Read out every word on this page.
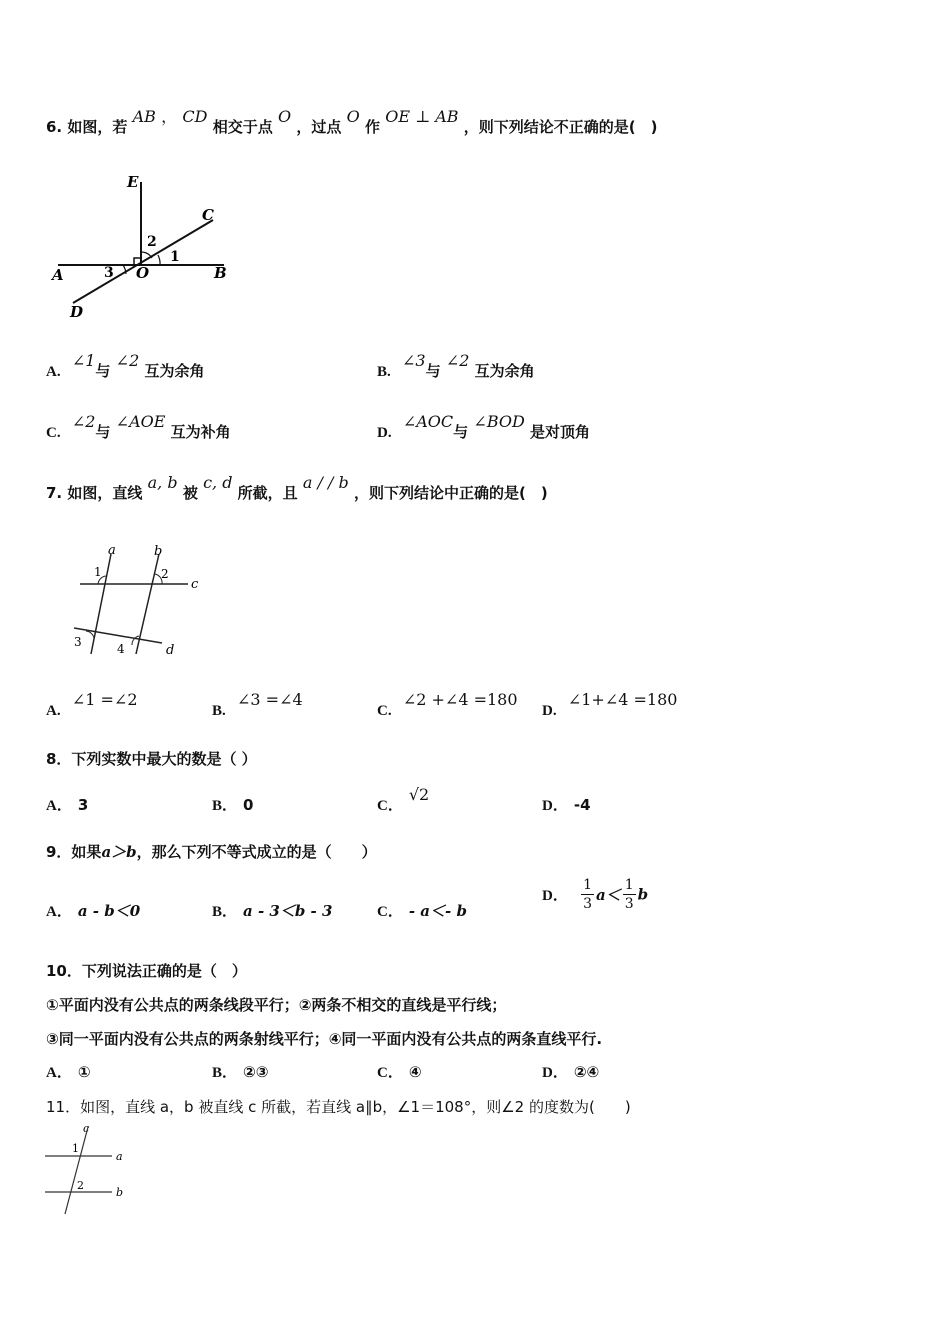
6. 如图，若 AB ， CD 相交于点 O ，过点 O 作 OE ⊥ AB ，则下列结论不正确的是(　)
E
C
A	O	B
D
1
2
3
A. ∠1与 ∠2 互为余角	B. ∠3与 ∠2 互为余角
C. ∠2与 ∠AOE 互为补角	D. ∠AOC与 ∠BOD 是对顶角
7. 如图，直线 a, b 被 c, d 所截，且 a / / b ，则下列结论中正确的是(　)
a	b
c
d
1	2
3	4
A. ∠1 =∠2
B. ∠3 =∠4
C. ∠2 +∠4 =180
D. ∠1+∠4 =180
8．下列实数中最大的数是（ ）
A． 3	B． 0	C．√2
D． -4
9．如果a＞b，那么下列不等式成立的是（　　）
A． a - b＜0	B． a - 3＜b - 3	C． - a＜- b
D． $\frac{1}{3} a< \frac{1}{3}$ b
10．下列说法正确的是（　）
①平面内没有公共点的两条线段平行；②两条不相交的直线是平行线；
③同一平面内没有公共点的两条射线平行；④同一平面内没有公共点的两条直线平行.
A． ①	B． ②③	C． ④	D． ②④
11．如图，直线 a，b 被直线 c 所截，若直线 a∥b，∠1＝108°，则∠2 的度数为(　　)
c
a
b
1
2
